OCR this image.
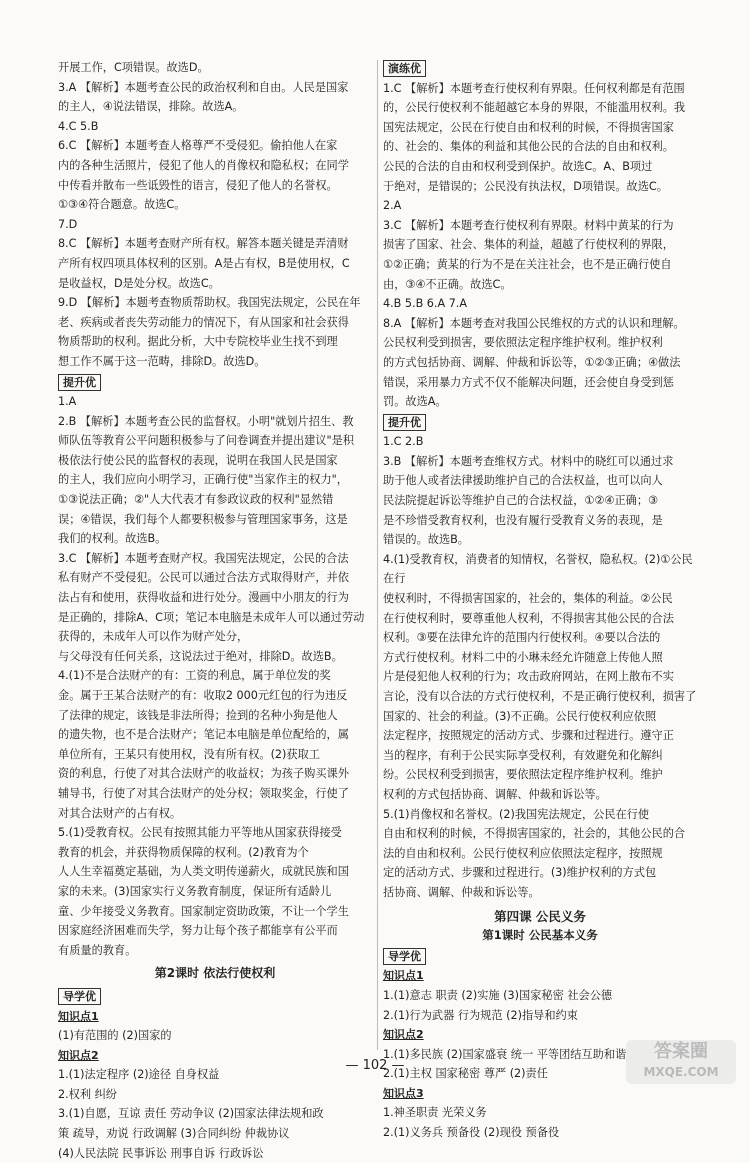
开展工作，C项错误。故选D。
3.A 【解析】本题考查公民的政治权利和自由。人民是国家
的主人，④说法错误，排除。故选A。
4.C 5.B
6.C 【解析】本题考查人格尊严不受侵犯。偷拍他人在家
内的各种生活照片，侵犯了他人的肖像权和隐私权；在同学
中传看并散布一些诋毁性的语言，侵犯了他人的名誉权。
①③④符合题意。故选C。
7.D
8.C 【解析】本题考查财产所有权。解答本题关键是弄清财
产所有权四项具体权利的区别。A是占有权，B是使用权，C
是收益权，D是处分权。故选C。
9.D 【解析】本题考查物质帮助权。我国宪法规定，公民在年
老、疾病或者丧失劳动能力的情况下，有从国家和社会获得
物质帮助的权利。据此分析，大中专院校毕业生找不到理
想工作不属于这一范畴，排除D。故选D。
提升优
1.A
2.B 【解析】本题考查公民的监督权。小明"就划片招生、教
师队伍等教育公平问题积极参与了问卷调查并提出建议"是积
极依法行使公民的监督权的表现，说明在我国人民是国家
的主人，我们应向小明学习，正确行使"当家作主的权力"，
①③说法正确；②"人大代表才有参政议政的权利"显然错
误；④错误，我们每个人都要积极参与管理国家事务，这是
我们的权利。故选B。
3.C 【解析】本题考查财产权。我国宪法规定，公民的合法
私有财产不受侵犯。公民可以通过合法方式取得财产，并依
法占有和使用，获得收益和进行处分。漫画中小朋友的行为
是正确的，排除A、C项；笔记本电脑是未成年人可以通过劳动
获得的，未成年人可以作为财产处分，
与父母没有任何关系，这说法过于绝对，排除D。故选B。
4.(1)不是合法财产的有：工资的利息，属于单位发的奖
金。属于王某合法财产的有：收取2 000元红包的行为违反
了法律的规定，该钱是非法所得；捡到的名种小狗是他人
的遗失物，也不是合法财产；笔记本电脑是单位配给的，属
单位所有，王某只有使用权，没有所有权。(2)获取工
资的利息，行使了对其合法财产的收益权；为孩子购买课外
辅导书，行使了对其合法财产的处分权；领取奖金，行使了
对其合法财产的占有权。
5.(1)受教育权。公民有按照其能力平等地从国家获得接受
教育的机会，并获得物质保障的权利。(2)教育为个
人人生幸福奠定基础，为人类文明传递薪火，成就民族和国
家的未来。(3)国家实行义务教育制度，保证所有适龄儿
童、少年接受义务教育。国家制定资助政策，不让一个学生
因家庭经济困难而失学，努力让每个孩子都能享有公平而
有质量的教育。
第2课时 依法行使权利
导学优
知识点1
(1)有范围的 (2)国家的
知识点2
1.(1)法定程序 (2)途径 自身权益
2.权利 纠纷
3.(1)自愿，互谅 责任 劳动争议 (2)国家法律法规和政
策 疏导，劝说 行政调解 (3)合同纠纷 仲裁协议
(4)人民法院 民事诉讼 刑事自诉 行政诉讼
演练优
1.C 【解析】本题考查行使权利有界限。任何权利都是有范围
的，公民行使权利不能超越它本身的界限，不能滥用权利。我
国宪法规定，公民在行使自由和权利的时候，不得损害国家
的、社会的、集体的利益和其他公民的合法的自由和权利。
公民的合法的自由和权利受到保护。故选C。A、B项过
于绝对，是错误的；公民没有执法权，D项错误。故选C。
2.A
3.C 【解析】本题考查行使权利有界限。材料中黄某的行为
损害了国家、社会、集体的利益，超越了行使权利的界限，
①②正确；黄某的行为不是在关注社会，也不是正确行使自
由，③④不正确。故选C。
4.B 5.B 6.A 7.A
8.A 【解析】本题考查对我国公民维权的方式的认识和理解。
公民权利受到损害，要依照法定程序维护权利。维护权利
的方式包括协商、调解、仲裁和诉讼等，①②③正确；④做法
错误，采用暴力方式不仅不能解决问题，还会使自身受到惩
罚。故选A。
提升优
1.C 2.B
3.B 【解析】本题考查维权方式。材料中的晓红可以通过求
助于他人或者法律援助维护自己的合法权益，也可以向人
民法院提起诉讼等维护自己的合法权益，①②④正确；③
是不珍惜受教育权利，也没有履行受教育义务的表现，是
错误的。故选B。
4.(1)受教育权，消费者的知情权，名誉权，隐私权。(2)①公民在行
使权利时，不得损害国家的，社会的，集体的利益。②公民
在行使权利时，要尊重他人权利，不得损害其他公民的合法
权利。③要在法律允许的范围内行使权利。④要以合法的
方式行使权利。材料二中的小琳未经允许随意上传他人照
片是侵犯他人权利的行为；攻击政府网站，在网上散布不实
言论，没有以合法的方式行使权利，不是正确行使权利，损害了
国家的、社会的利益。(3)不正确。公民行使权利应依照
法定程序，按照规定的活动方式、步骤和过程进行。遵守正
当的程序，有利于公民实际享受权利，有效避免和化解纠
纷。公民权利受到损害，要依照法定程序维护权利。维护
权利的方式包括协商、调解、仲裁和诉讼等。
5.(1)肖像权和名誉权。(2)我国宪法规定，公民在行使
自由和权利的时候，不得损害国家的，社会的，其他公民的合
法的自由和权利。公民行使权利应依照法定程序，按照规
定的活动方式、步骤和过程进行。(3)维护权利的方式包
括协商、调解、仲裁和诉讼等。
第四课 公民义务
第1课时 公民基本义务
导学优
知识点1
1.(1)意志 职责 (2)实施 (3)国家秘密 社会公德
2.(1)行为武器 行为规范 (2)指导和约束
知识点2
1.(1)多民族 (2)国家盛衰 统一 平等团结互助和谐
2.(1)主权 国家秘密 尊严 (2)责任
知识点3
1.神圣职责 光荣义务
2.(1)义务兵 预备役 (2)现役 预备役
— 102 —
答案圈
MXQE.COM
